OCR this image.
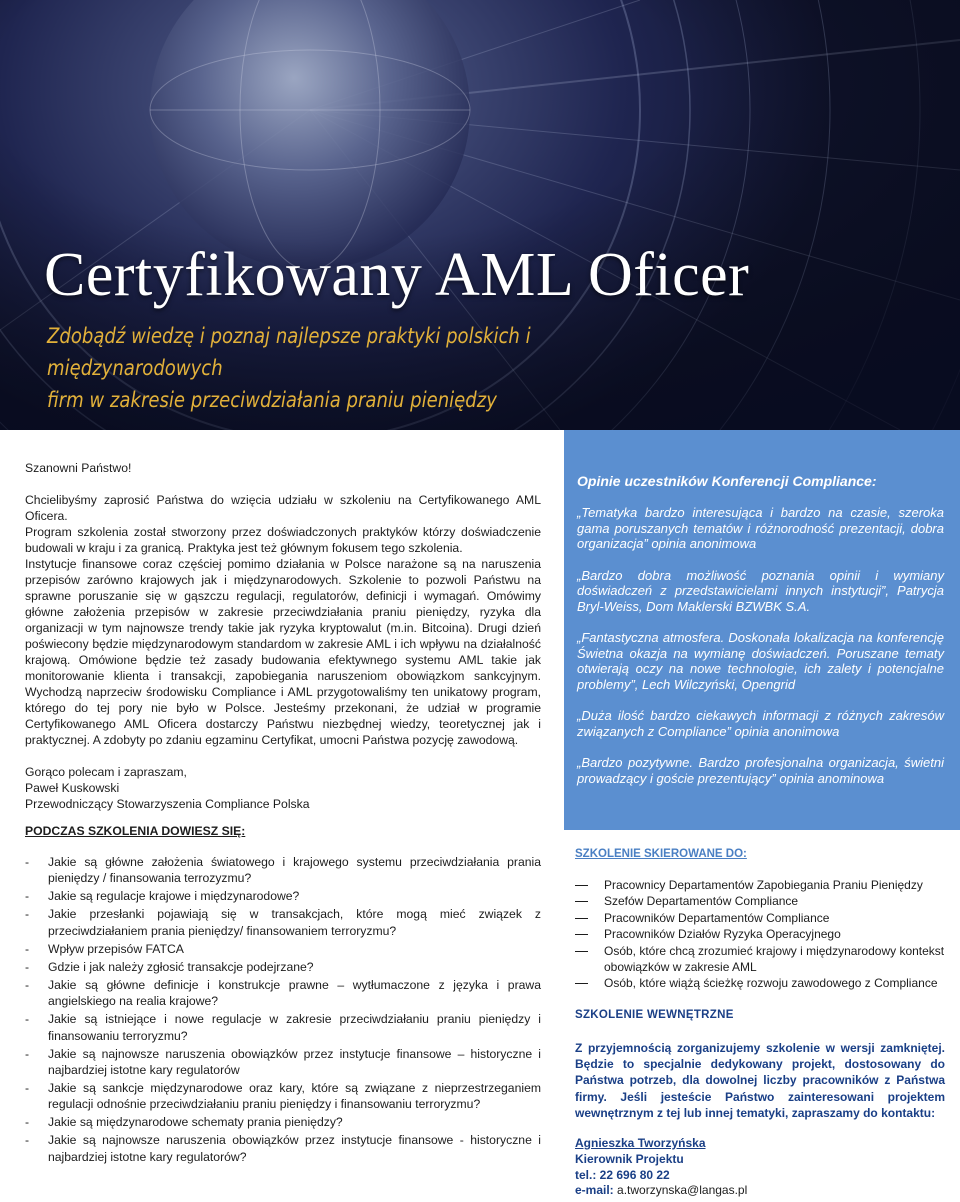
Certyfikowany AML Oficer
Zdobądź wiedzę i poznaj najlepsze praktyki polskich i międzynarodowych
firm w zakresie przeciwdziałania praniu pieniędzy

Szanowni Państwo!

Chcielibyśmy zaprosić Państwa do wzięcia udziału w szkoleniu na Certyfikowanego AML Oficera.

Program szkolenia został stworzony przez doświadczonych praktyków którzy doświadczenie budowali w kraju i za granicą. Praktyka jest też głównym fokusem tego szkolenia.

Instytucje finansowe coraz częściej pomimo działania w Polsce narażone są na naruszenia przepisów zarówno krajowych jak i międzynarodowych. Szkolenie to pozwoli Państwu na sprawne poruszanie się w gąszczu regulacji, regulatorów, definicji i wymagań. Omówimy główne założenia przepisów w zakresie przeciwdziałania praniu pieniędzy, ryzyka dla organizacji w tym najnowsze trendy takie jak ryzyka kryptowalut (m.in. Bitcoina). Drugi dzień poświecony będzie międzynarodowym standardom w zakresie AML i ich wpływu na działalność krajową. Omówione będzie też zasady budowania efektywnego systemu AML takie jak monitorowanie klienta i transakcji, zapobiegania naruszeniom obowiązkom sankcyjnym. Wychodzą naprzeciw środowisku Compliance i AML przygotowaliśmy ten unikatowy program, którego do tej pory nie było w Polsce. Jesteśmy przekonani, że udział w programie Certyfikowanego AML Oficera dostarczy Państwu niezbędnej wiedzy, teoretycznej jak i praktycznej. A zdobyty po zdaniu egzaminu Certyfikat, umocni Państwa pozycję zawodową.

Gorąco polecam i zapraszam,

Paweł Kuskowski

Przewodniczący Stowarzyszenia Compliance Polska

PODCZAS SZKOLENIA DOWIESZ SIĘ:
- Jakie są główne założenia światowego i krajowego systemu przeciwdziałania prania pieniędzy / finansowania terrozyzmu?
- Jakie są regulacje krajowe i międzynarodowe?
- Jakie przesłanki pojawiają się w transakcjach, które mogą mieć związek z przeciwdziałaniem prania pieniędzy/ finansowaniem terroryzmu?
- Wpływ przepisów FATCA
- Gdzie i jak należy zgłosić transakcje podejrzane?
- Jakie są główne definicje i konstrukcje prawne – wytłumaczone z języka i prawa angielskiego na realia krajowe?
- Jakie są istniejące i nowe regulacje w zakresie przeciwdziałaniu praniu pieniędzy i finansowaniu terroryzmu?
- Jakie są najnowsze naruszenia obowiązków przez instytucje finansowe – historyczne i najbardziej istotne kary regulatorów
- Jakie są sankcje międzynarodowe oraz kary, które są związane z nieprzestrzeganiem regulacji odnośnie przeciwdziałaniu praniu pieniędzy i finansowaniu terroryzmu?
- Jakie są międzynarodowe schematy prania pieniędzy?
- Jakie są najnowsze naruszenia obowiązków przez instytucje finansowe - historyczne i najbardziej istotne kary regulatorów?

Opinie uczestników Konferencji Compliance:

„Tematyka bardzo interesująca i bardzo na czasie, szeroka gama poruszanych tematów i różnorodność prezentacji, dobra organizacja” opinia anonimowa

„Bardzo dobra możliwość poznania opinii i wymiany doświadczeń z przedstawicielami innych instytucji”, Patrycja Bryl-Weiss, Dom Maklerski BZWBK S.A.

„Fantastyczna atmosfera. Doskonała lokalizacja na konferencję Świetna okazja na wymianę doświadczeń. Poruszane tematy otwierają oczy na nowe technologie, ich zalety i potencjalne problemy”, Lech Wilczyński, Opengrid

„Duża ilość bardzo ciekawych informacji z różnych zakresów związanych z Compliance” opinia anonimowa

„Bardzo pozytywne. Bardzo profesjonalna organizacja, świetni prowadzący i goście prezentujący” opinia anominowa

SZKOLENIE SKIEROWANE DO:
Pracownicy Departamentów Zapobiegania Praniu Pieniędzy
Szefów Departamentów Compliance
Pracowników Departamentów Compliance
Pracowników Działów Ryzyka Operacyjnego
Osób, które chcą zrozumieć krajowy i międzynarodowy kontekst obowiązków w zakresie AML
Osób, które wiążą ścieżkę rozwoju zawodowego z Compliance
SZKOLENIE WEWNĘTRZNE

Z przyjemnością zorganizujemy szkolenie w wersji zamkniętej. Będzie to specjalnie dedykowany projekt, dostosowany do Państwa potrzeb, dla dowolnej liczby pracowników z Państwa firmy. Jeśli jesteście Państwo zainteresowani projektem wewnętrznym z tej lub innej tematyki, zapraszamy do kontaktu:

Agnieszka Tworzyńska
Kierownik Projektu
tel.: 22 696 80 22
e-mail: a.tworzynska@langas.pl
